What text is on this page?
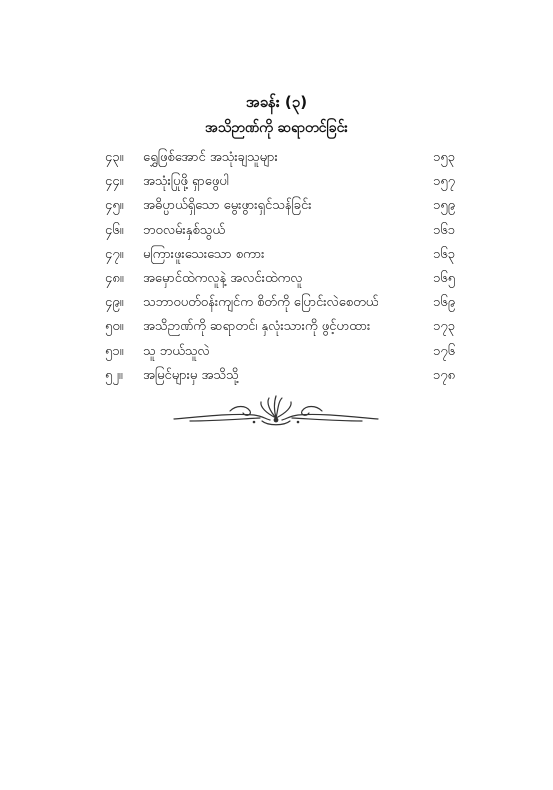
အခန်း (၃)
အသိဉာဏ်ကို ဆရာတင်ခြင်း
၄၃။	ရွှေဖြစ်အောင် အသုံးချသူများ	၁၅၃
၄၄။	အသုံးပြုဖို့ ရှာဖွေပါ	၁၅၇
၄၅။	အဓိပ္ပာယ်ရှိသော မွေးဖွားရှင်သန်ခြင်း	၁၅၉
၄၆။	ဘဝလမ်းနှစ်သွယ်	၁၆၁
၄၇။	မကြားဖူးသေးသော စကား	၁၆၃
၄၈။	အမှောင်ထဲကလူနဲ့ အလင်းထဲကလူ	၁၆၅
၄၉။	သဘာဝပတ်ဝန်းကျင်က စိတ်ကို ပြောင်းလဲစေတယ်	၁၆၉
၅၀။	အသိဉာဏ်ကို ဆရာတင်၊ နှလုံးသားကို ဖွင့်ဟထား	၁၇၃
၅၁။	သူ ဘယ်သူလဲ	၁၇၆
၅၂။	အမြင်များမှ အသိသို့	၁၇၈
